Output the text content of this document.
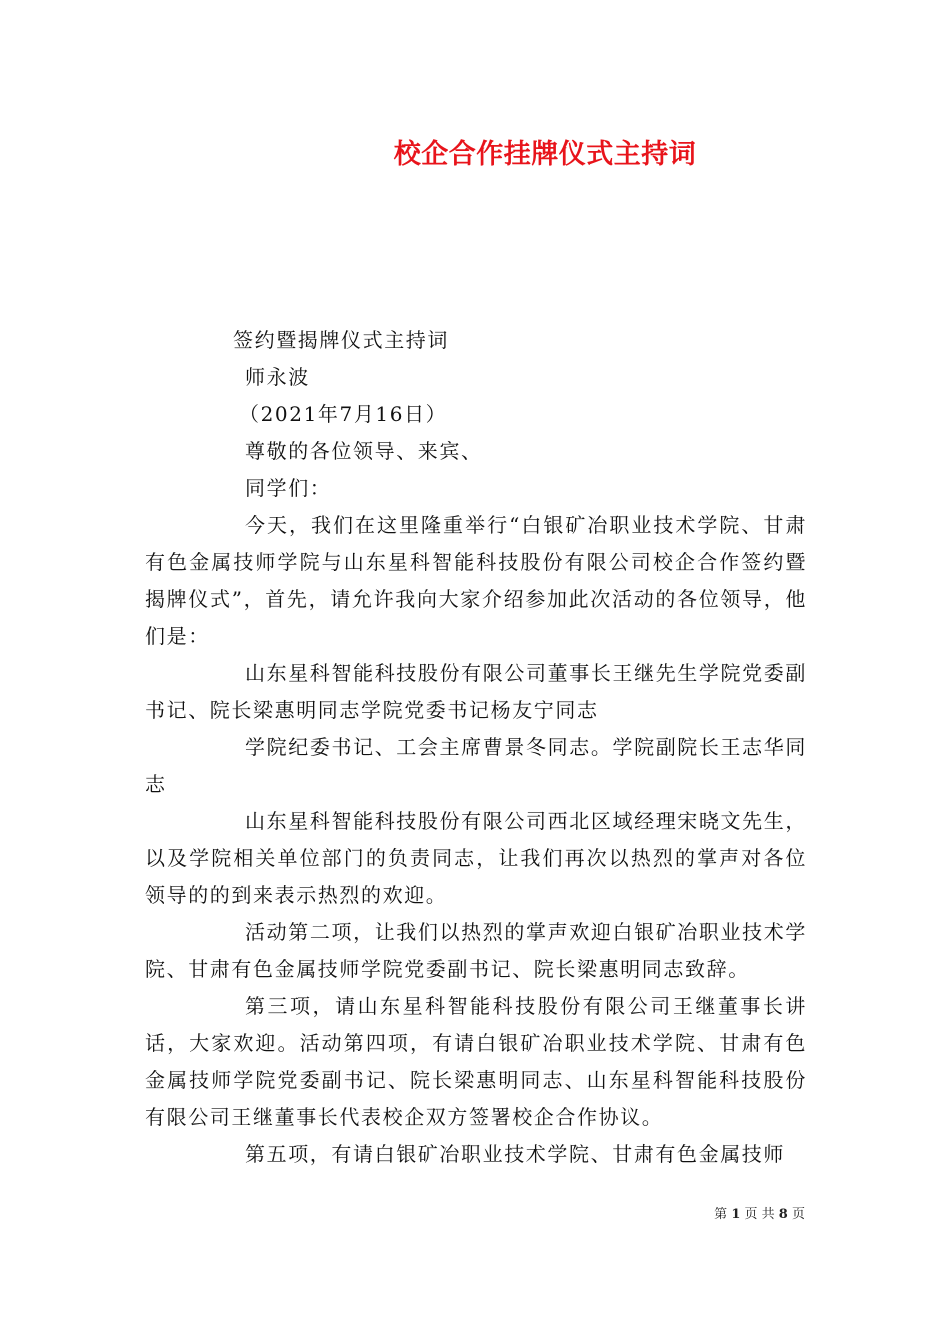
校企合作挂牌仪式主持词

签约暨揭牌仪式主持词

师永波

（2021年7月16日）

尊敬的各位领导、来宾、

同学们：

今天，我们在这里隆重举行“白银矿冶职业技术学院、甘肃有色金属技师学院与山东星科智能科技股份有限公司校企合作签约暨揭牌仪式”，首先，请允许我向大家介绍参加此次活动的各位领导，他们是：

山东星科智能科技股份有限公司董事长王继先生学院党委副书记、院长梁惠明同志学院党委书记杨友宁同志

学院纪委书记、工会主席曹景冬同志。学院副院长王志华同志

山东星科智能科技股份有限公司西北区域经理宋晓文先生，以及学院相关单位部门的负责同志，让我们再次以热烈的掌声对各位领导的的到来表示热烈的欢迎。

活动第二项，让我们以热烈的掌声欢迎白银矿冶职业技术学院、甘肃有色金属技师学院党委副书记、院长梁惠明同志致辞。

第三项，请山东星科智能科技股份有限公司王继董事长讲话，大家欢迎。活动第四项，有请白银矿冶职业技术学院、甘肃有色金属技师学院党委副书记、院长梁惠明同志、山东星科智能科技股份有限公司王继董事长代表校企双方签署校企合作协议。

第五项，有请白银矿冶职业技术学院、甘肃有色金属技师

第 1 页 共 8 页
